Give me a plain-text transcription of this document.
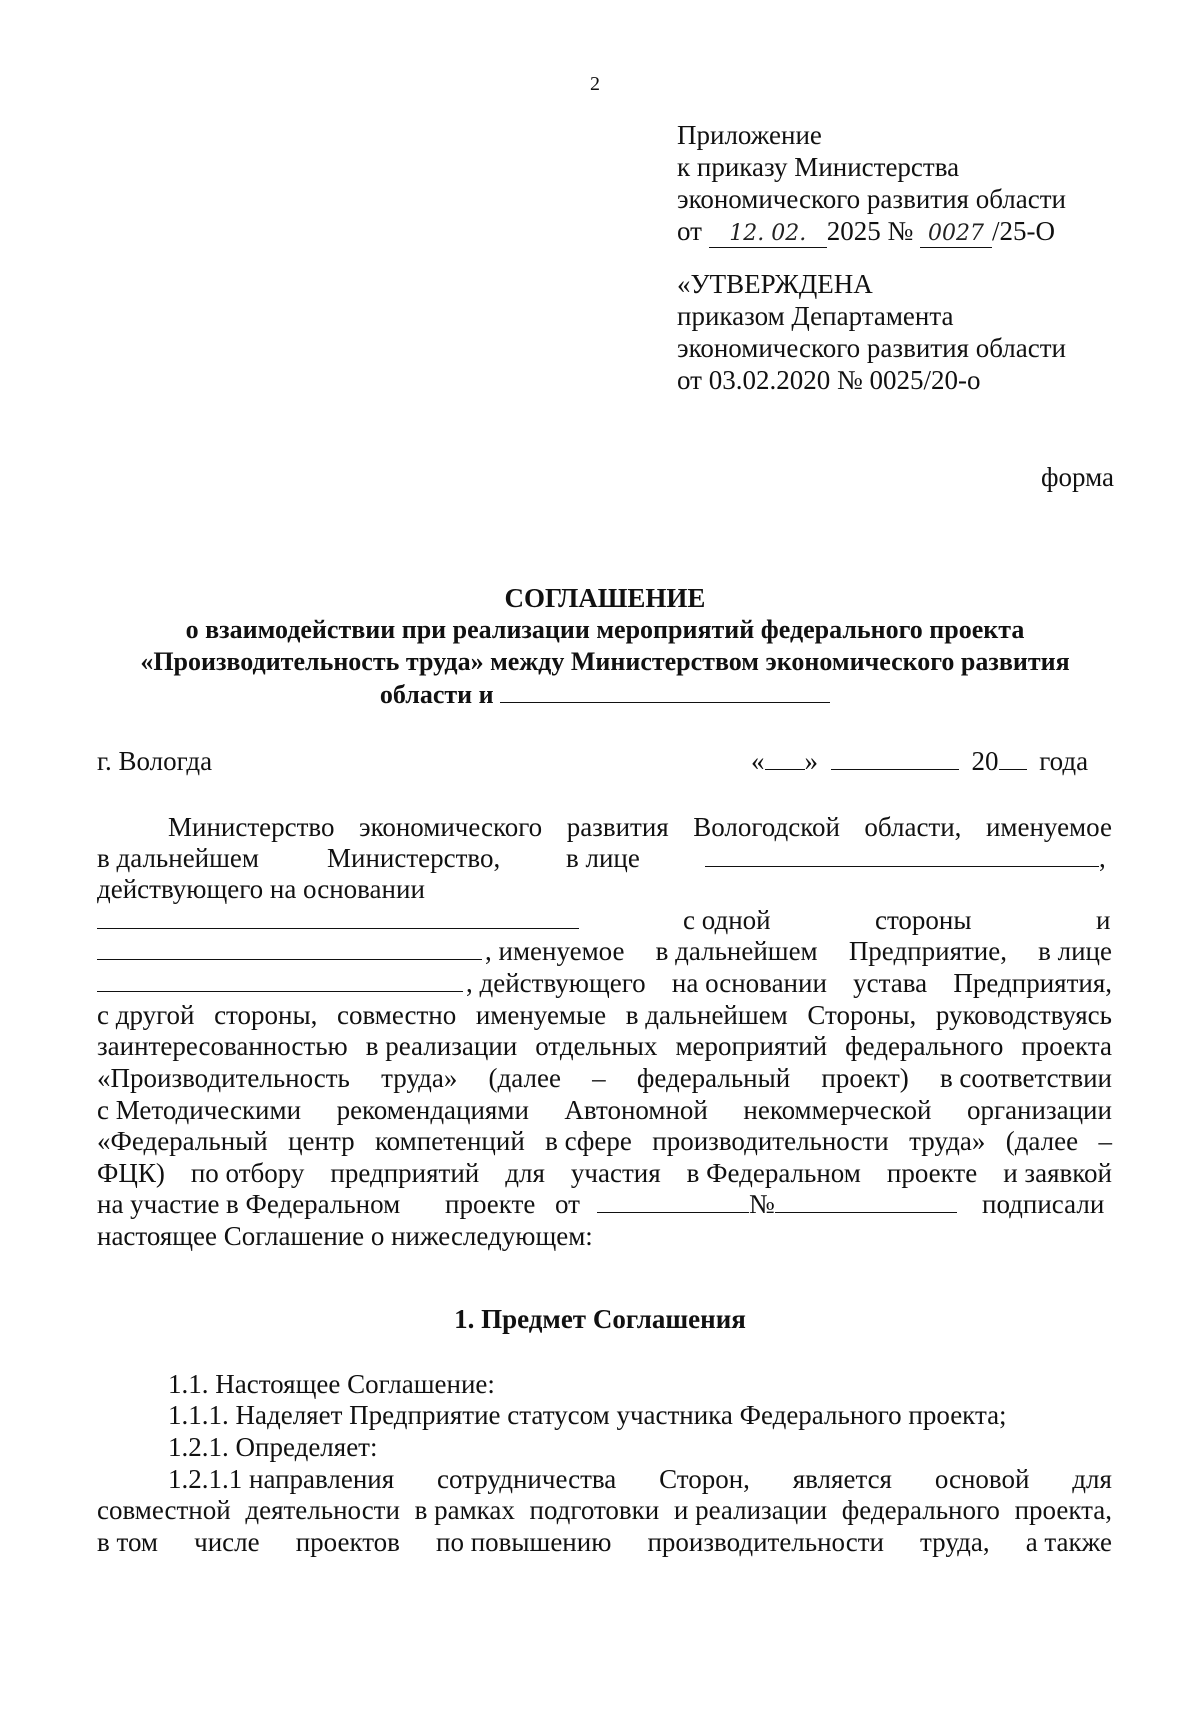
2
Приложение
к приказу Министерства
экономического развития области
от 12. 02. 2025 № 0027 /25-О
«УТВЕРЖДЕНА
приказом Департамента
экономического развития области
от 03.02.2020 № 0025/20-о
форма
СОГЛАШЕНИЕ
о взаимодействии при реализации мероприятий федерального проекта
«Производительность труда» между Министерством экономического развития
области и
г. Вологда	« »	20 года
Министерство экономического развития Вологодской области, именуемое
в дальнейшем	Министерство, в лице	,
действующего на основании
с одной	стороны	и
, именуемое в дальнейшем Предприятие, в лице
, действующего на основании устава Предприятия,
с другой стороны, совместно именуемые в дальнейшем Стороны, руководствуясь
заинтересованностью в реализации отдельных мероприятий федерального проекта
«Производительность труда» (далее – федеральный проект) в соответствии
с Методическими рекомендациями Автономной некоммерческой организации
«Федеральный центр компетенций в сфере производительности труда» (далее –
ФЦК) по отбору предприятий для участия в Федеральном проекте и заявкой
на участие в Федеральном проекте от	№	подписали
настоящее Соглашение о нижеследующем:
1. Предмет Соглашения
1.1. Настоящее Соглашение:
1.1.1. Наделяет Предприятие статусом участника Федерального проекта;
1.2.1. Определяет:
1.2.1.1 направления сотрудничества Сторон, является основой для
совместной деятельности в рамках подготовки и реализации федерального проекта,
в том числе проектов по повышению производительности труда, а также
